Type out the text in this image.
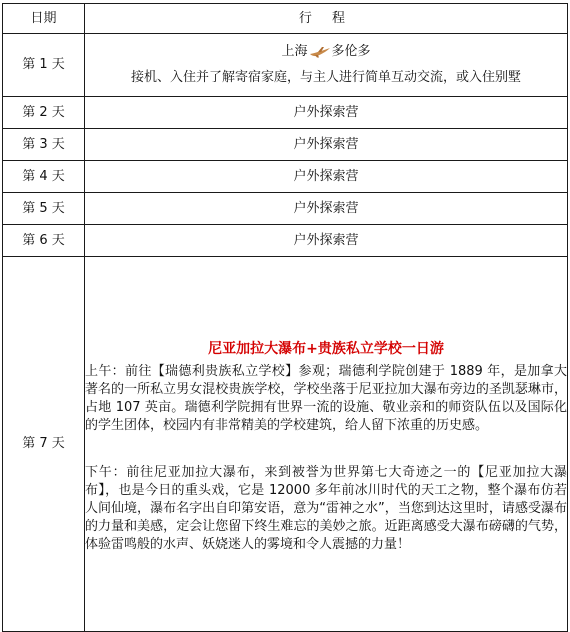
日期	行 程
第 1 天	上海 多伦多
接机、入住并了解寄宿家庭，与主人进行简单互动交流，或入住别墅

第 2 天	户外探索营
第 3 天	户外探索营
第 4 天	户外探索营
第 5 天	户外探索营
第 6 天	户外探索营
第 7 天	尼亚加拉大瀑布+贵族私立学校一日游

上午：前往【瑞德利贵族私立学校】参观；瑞德利学院创建于 1889 年，是加拿大著名的一所私立男女混校贵族学校，学校坐落于尼亚拉加大瀑布旁边的圣凯瑟琳市，占地 107 英亩。瑞德利学院拥有世界一流的设施、敬业亲和的师资队伍以及国际化的学生团体，校园内有非常精美的学校建筑，给人留下浓重的历史感。

下午：前往尼亚加拉大瀑布，来到被誉为世界第七大奇迹之一的【尼亚加拉大瀑布】，也是今日的重头戏，它是 12000 多年前冰川时代的天工之物，整个瀑布仿若人间仙境，瀑布名字出自印第安语，意为“雷神之水”，当您到达这里时，请感受瀑布的力量和美感，定会让您留下终生难忘的美妙之旅。近距离感受大瀑布磅礴的气势，体验雷鸣般的水声、妖娆迷人的雾境和令人震撼的力量！
